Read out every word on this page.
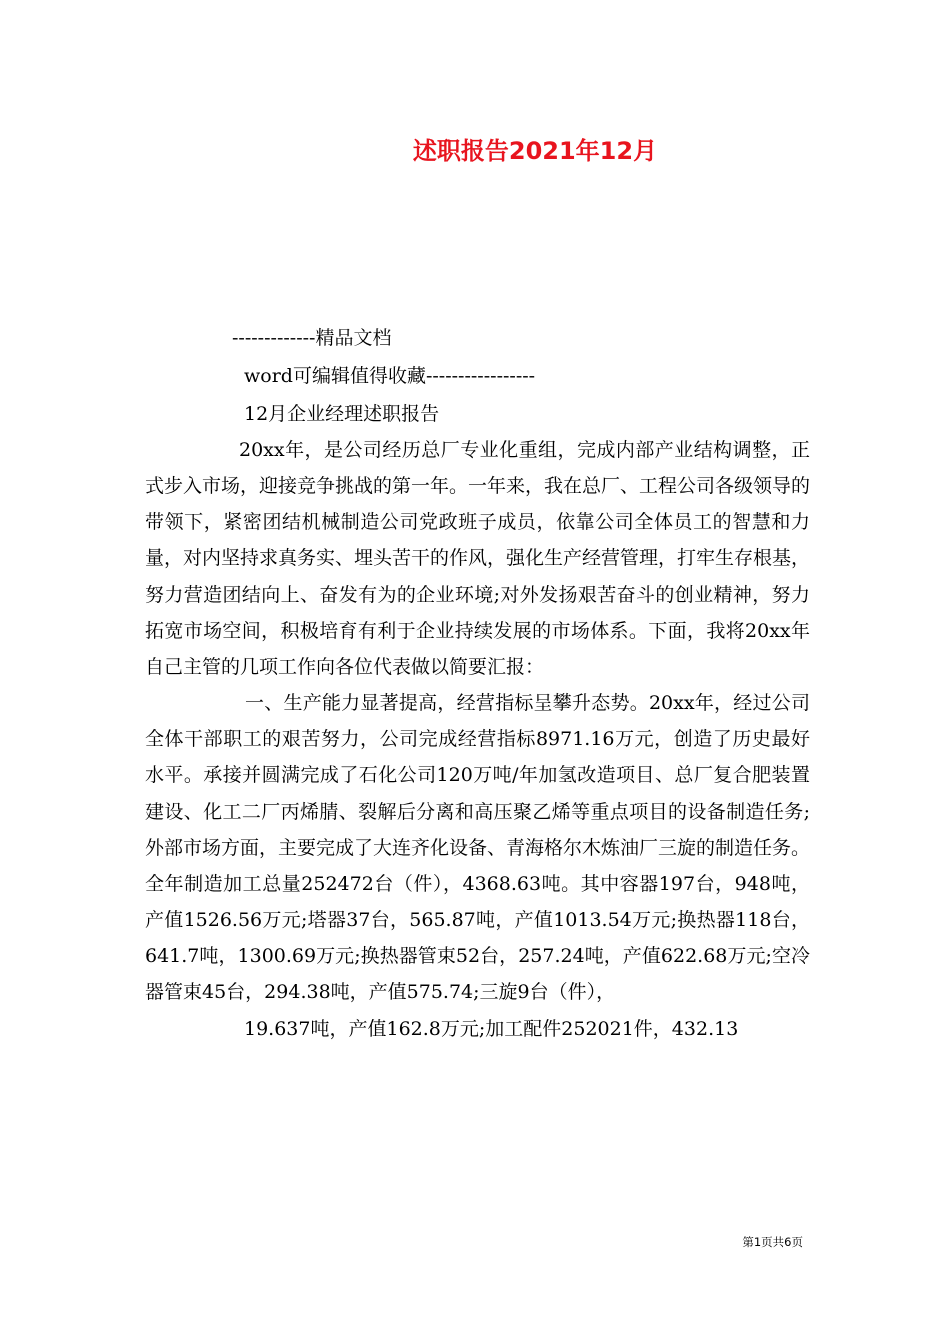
述职报告2021年12月
-------------精品文档
word可编辑值得收藏-----------------
12月企业经理述职报告

20xx年，是公司经历总厂专业化重组，完成内部产业结构调整，正式步入市场，迎接竞争挑战的第一年。一年来，我在总厂、工程公司各级领导的带领下，紧密团结机械制造公司党政班子成员，依靠公司全体员工的智慧和力量，对内坚持求真务实、埋头苦干的作风，强化生产经营管理，打牢生存根基，努力营造团结向上、奋发有为的企业环境;对外发扬艰苦奋斗的创业精神，努力拓宽市场空间，积极培育有利于企业持续发展的市场体系。下面，我将20xx年自己主管的几项工作向各位代表做以简要汇报：

一、生产能力显著提高，经营指标呈攀升态势。20xx年，经过公司全体干部职工的艰苦努力，公司完成经营指标8971.16万元，创造了历史最好水平。承接并圆满完成了石化公司120万吨/年加氢改造项目、总厂复合肥装置建设、化工二厂丙烯腈、裂解后分离和高压聚乙烯等重点项目的设备制造任务;外部市场方面，主要完成了大连齐化设备、青海格尔木炼油厂三旋的制造任务。全年制造加工总量252472台（件），4368.63吨。其中容器197台，948吨，产值1526.56万元;塔器37台，565.87吨，产值1013.54万元;换热器118台，641.7吨，1300.69万元;换热器管束52台，257.24吨，产值622.68万元;空冷器管束45台，294.38吨，产值575.74;三旋9台（件），

19.637吨，产值162.8万元;加工配件252021件，432.13

第1页共6页
